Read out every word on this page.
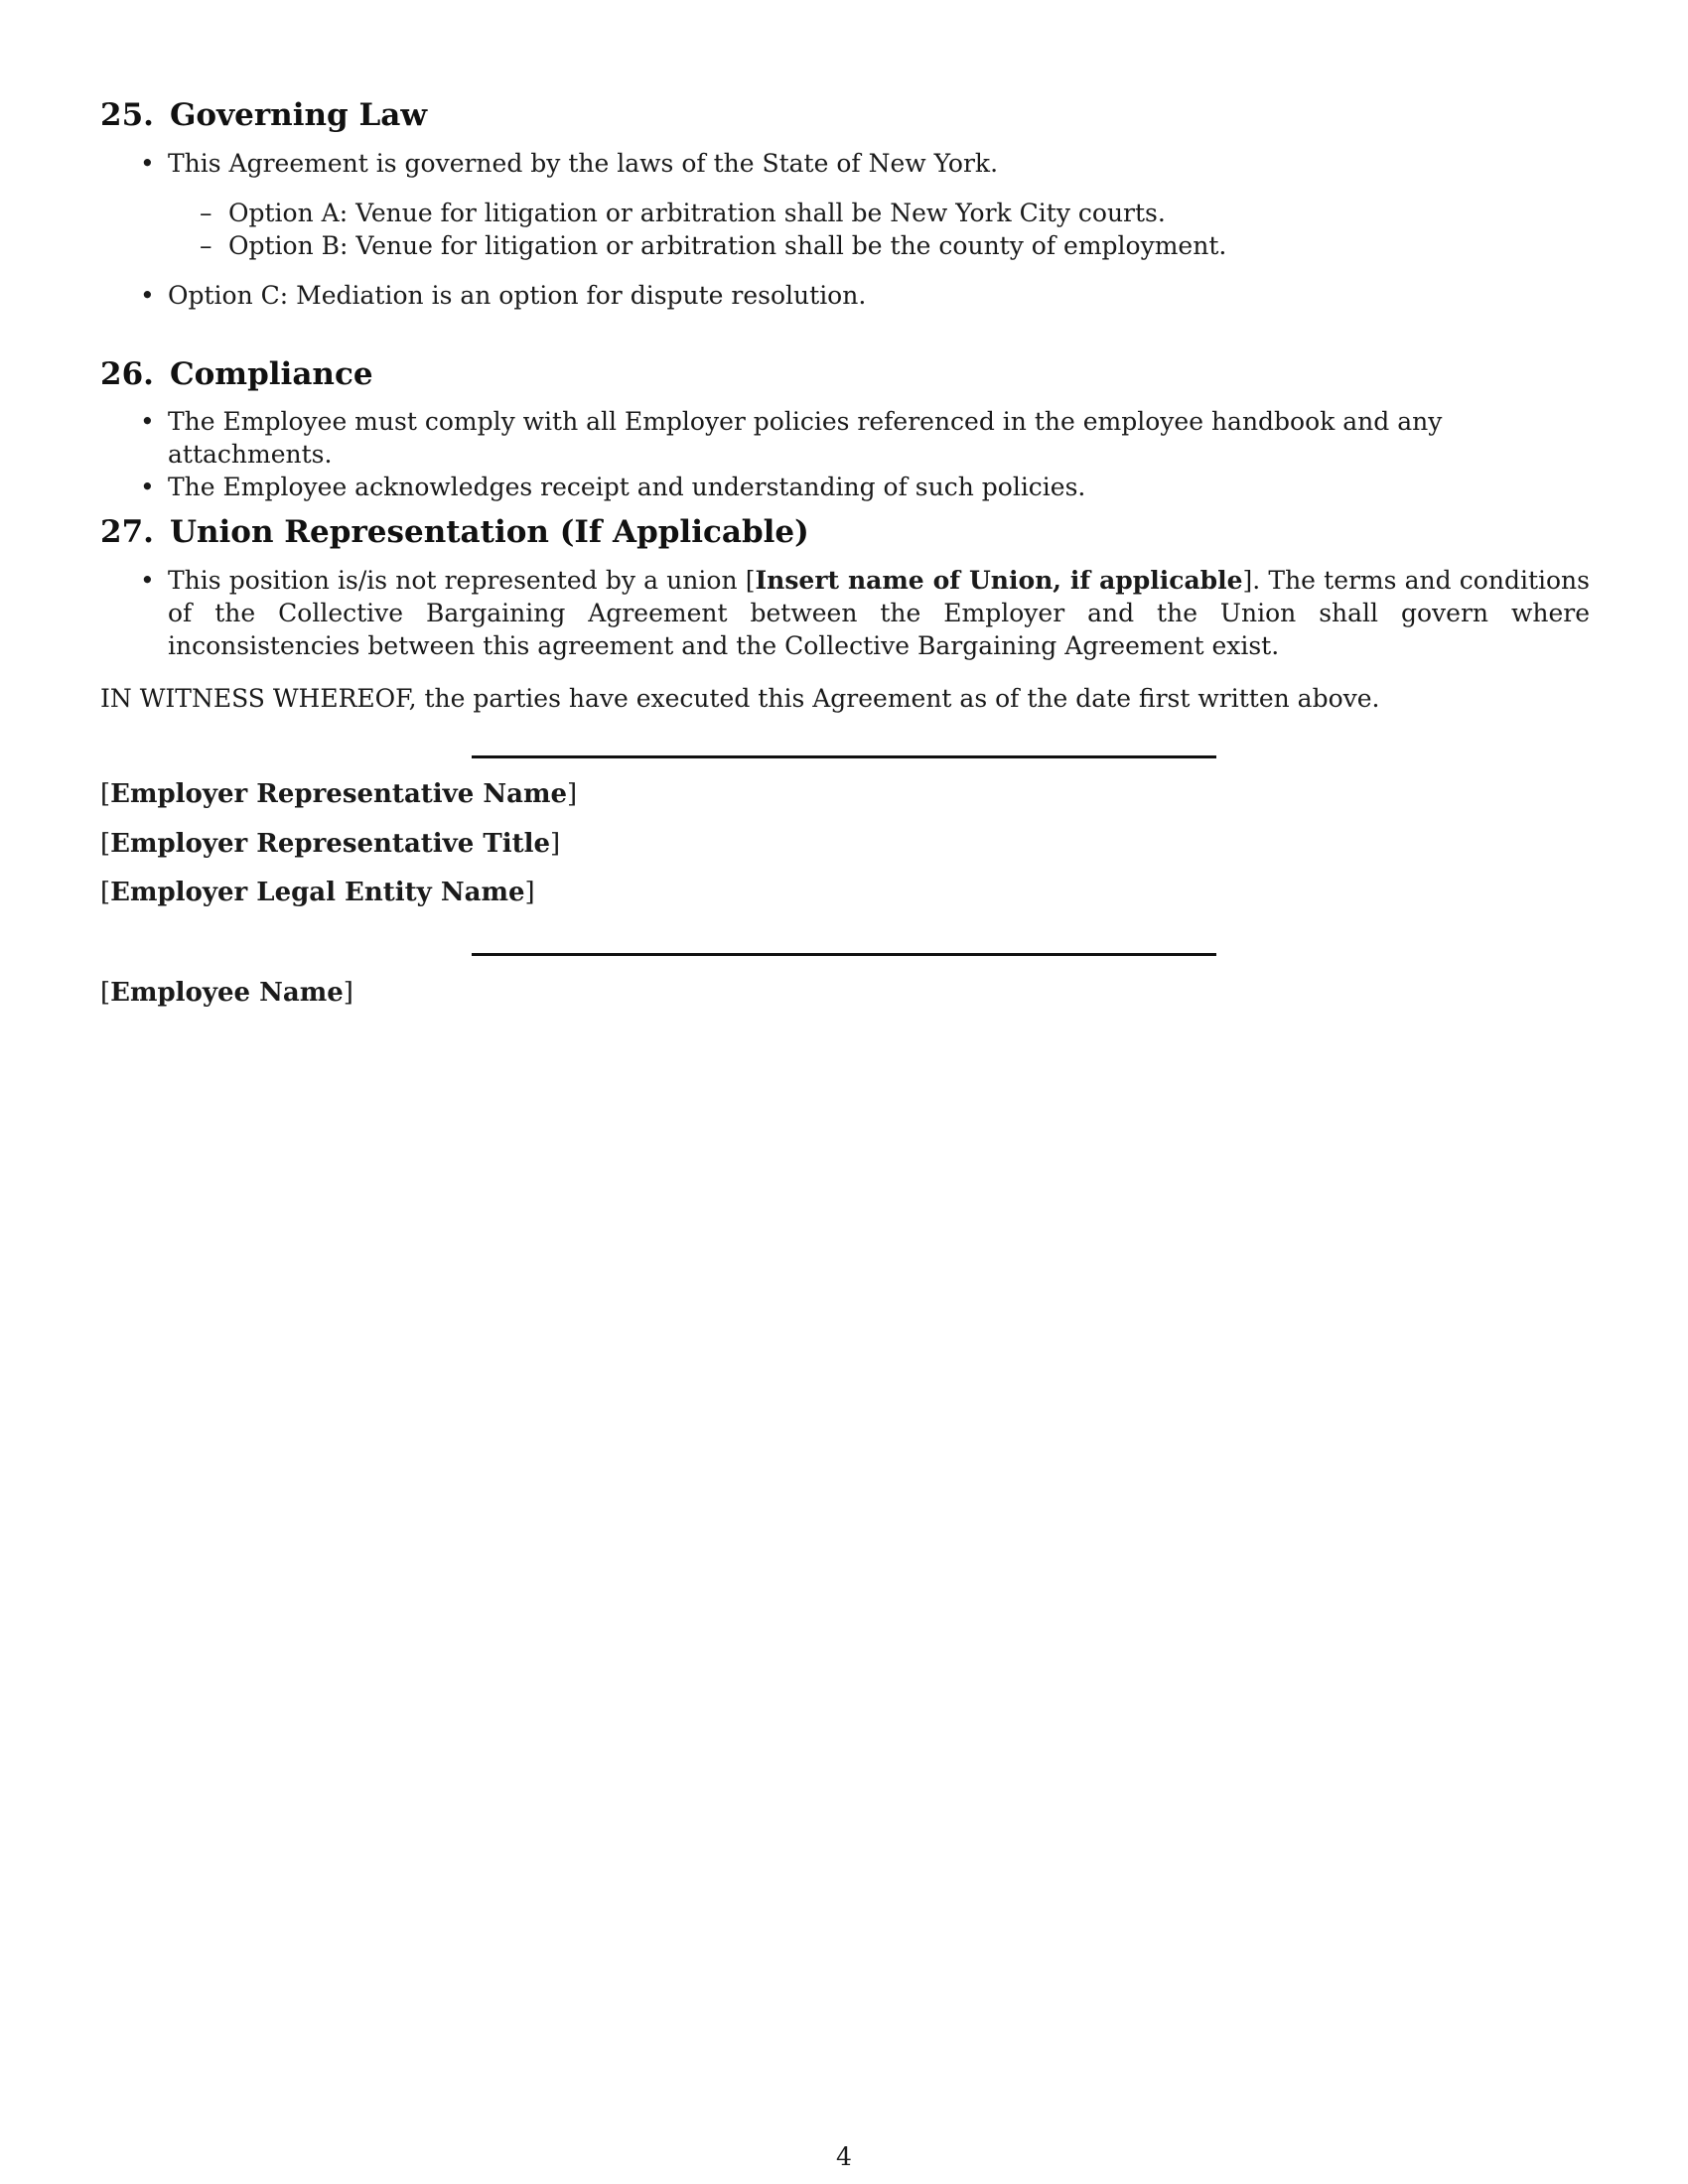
25. Governing Law
• This Agreement is governed by the laws of the State of New York.
– Option A: Venue for litigation or arbitration shall be New York City courts.
– Option B: Venue for litigation or arbitration shall be the county of employment.
• Option C: Mediation is an option for dispute resolution.
26. Compliance
• The Employee must comply with all Employer policies referenced in the employee handbook and any attachments.
• The Employee acknowledges receipt and understanding of such policies.
27. Union Representation (If Applicable)
• This position is/is not represented by a union [Insert name of Union, if applicable]. The terms and conditions of the Collective Bargaining Agreement between the Employer and the Union shall govern where inconsistencies between this agreement and the Collective Bargaining Agreement exist.

IN WITNESS WHEREOF, the parties have executed this Agreement as of the date first written above.

[Employer Representative Name]
[Employer Representative Title]
[Employer Legal Entity Name]
[Employee Name]
4
